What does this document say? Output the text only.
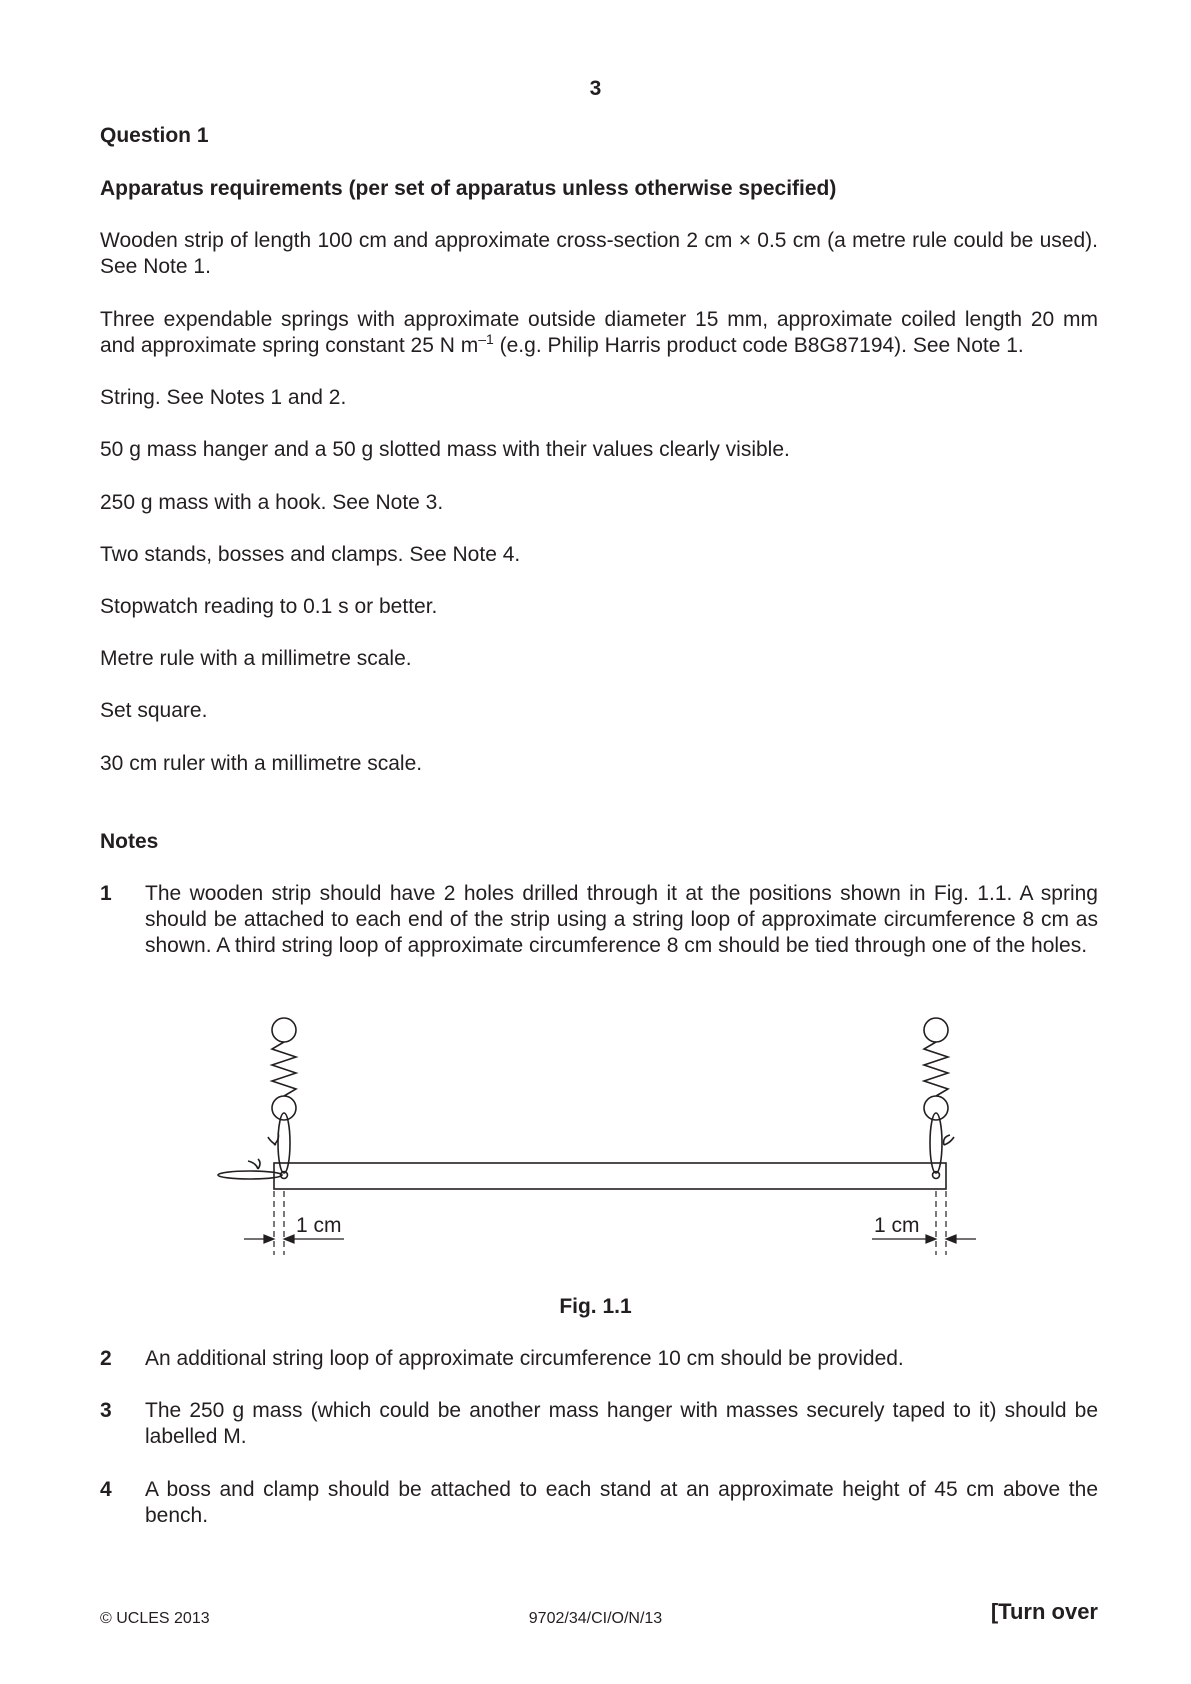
3
Question 1
Apparatus requirements (per set of apparatus unless otherwise specified)
Wooden strip of length 100 cm and approximate cross-section 2 cm × 0.5 cm (a metre rule could be used). See Note 1.
Three expendable springs with approximate outside diameter 15 mm, approximate coiled length 20 mm and approximate spring constant 25 N $m^{-1}$ (e.g. Philip Harris product code B8G87194). See Note 1.
String. See Notes 1 and 2.
50 g mass hanger and a 50 g slotted mass with their values clearly visible.
250 g mass with a hook. See Note 3.
Two stands, bosses and clamps. See Note 4.
Stopwatch reading to 0.1 s or better.
Metre rule with a millimetre scale.
Set square.
30 cm ruler with a millimetre scale.
Notes
1 The wooden strip should have 2 holes drilled through it at the positions shown in Fig. 1.1. A spring should be attached to each end of the strip using a string loop of approximate circumference 8 cm as shown. A third string loop of approximate circumference 8 cm should be tied through one of the holes.
1 cm	1 cm
Fig. 1.1
2 An additional string loop of approximate circumference 10 cm should be provided.
3 The 250 g mass (which could be another mass hanger with masses securely taped to it) should be labelled M.
4 A boss and clamp should be attached to each stand at an approximate height of 45 cm above the bench.
© UCLES 2013	9702/34/CI/O/N/13	[Turn over
